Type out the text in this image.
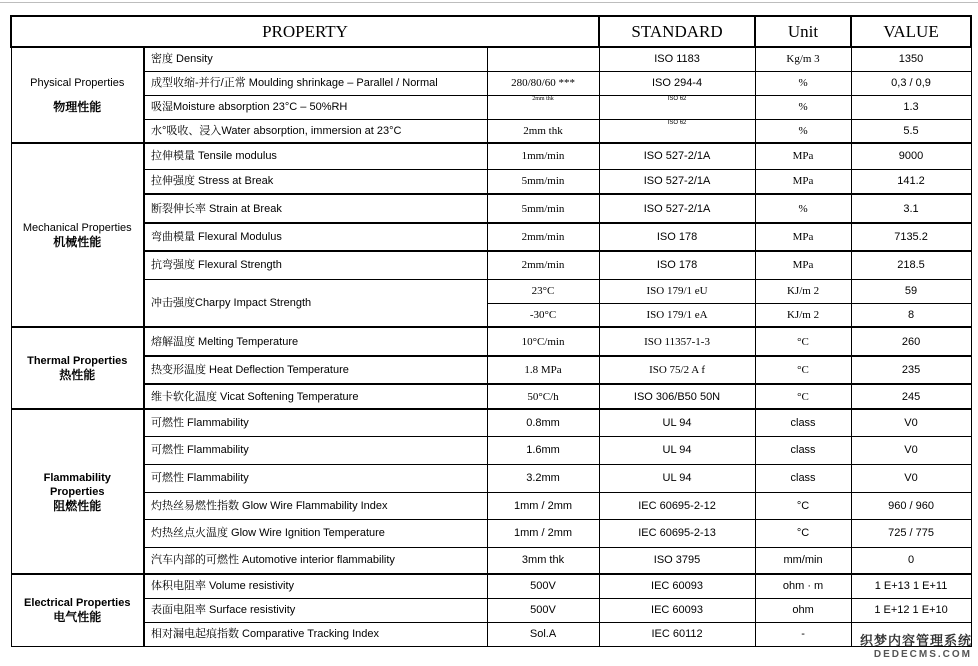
PROPERTY			STANDARD	Unit	VALUE

Physical Properties
物理性能	密度 Density		ISO 1183	Kg/m 3	1350
	成型收缩-并行/正常 Moulding shrinkage – Parallel / Normal	280/80/60 ***	ISO 294-4	%	0,3 / 0,9
	吸湿Moisture absorption 23°C – 50%RH	2mm thk	ISO 62	%	1.3
	水°吸收、浸入Water absorption, immersion at 23°C	2mm thk	ISO 62	%	5.5

Mechanical Properties
机械性能	拉伸模量 Tensile modulus	1mm/min	ISO 527-2/1A	MPa	9000
	拉伸强度 Stress at Break	5mm/min	ISO 527-2/1A	MPa	141.2
	断裂伸长率 Strain at Break	5mm/min	ISO 527-2/1A	%	3.1
	弯曲模量 Flexural Modulus	2mm/min	ISO 178	MPa	7135.2
	抗弯强度 Flexural Strength	2mm/min	ISO 178	MPa	218.5
	冲击强度Charpy Impact Strength	23°C	ISO 179/1 eU	KJ/m 2	59
		-30°C	ISO 179/1 eA	KJ/m 2	8

Thermal Properties
热性能	熔解温度 Melting Temperature	10°C/min	ISO 11357-1-3	°C	260
	热变形温度 Heat Deflection Temperature	1.8 MPa	ISO 75/2 A f	°C	235
	维卡软化温度 Vicat Softening Temperature	50°C/h	ISO 306/B50 50N	°C	245

Flammability Properties
阻燃性能	可燃性 Flammability	0.8mm	UL 94	class	V0
	可燃性 Flammability	1.6mm	UL 94	class	V0
	可燃性 Flammability	3.2mm	UL 94	class	V0
	灼热丝易燃性指数 Glow Wire Flammability Index	1mm / 2mm	IEC 60695-2-12	°C	960 / 960
	灼热丝点火温度 Glow Wire Ignition Temperature	1mm / 2mm	IEC 60695-2-13	°C	725 / 775
	汽车内部的可燃性 Automotive interior flammability	3mm thk	ISO 3795	mm/min	0

Electrical Properties
电气性能	体积电阻率 Volume resistivity	500V	IEC 60093	ohm · m	1 E+13 1 E+11
	表面电阻率 Surface resistivity	500V	IEC 60093	ohm	1 E+12 1 E+10
	相对漏电起痕指数 Comparative Tracking Index	Sol.A	IEC 60112	-		织梦内容管理系统
DEDECMS.COM
